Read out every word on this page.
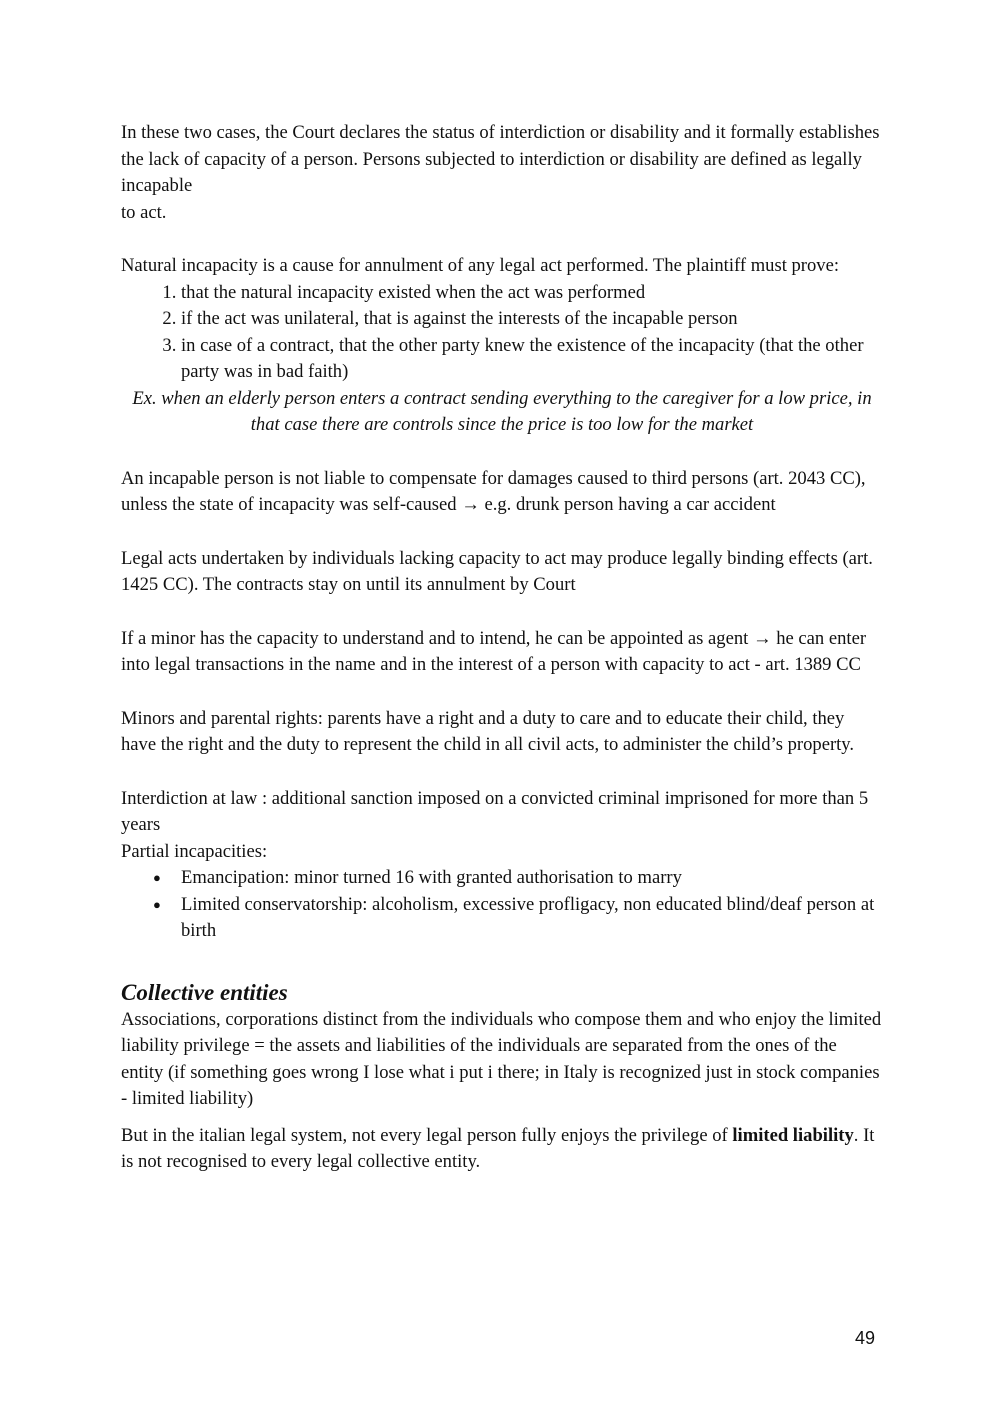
In these two cases, the Court declares the status of interdiction or disability and it formally establishes the lack of capacity of a person. Persons subjected to interdiction or disability are defined as legally incapable

to act.

Natural incapacity is a cause for annulment of any legal act performed. The plaintiff must prove:

1. that the natural incapacity existed when the act was performed
2. if the act was unilateral, that is against the interests of the incapable person
3. in case of a contract, that the other party knew the existence of the incapacity (that the other party was in bad faith)

Ex. when an elderly person enters a contract sending everything to the caregiver for a low price, in that case there are controls since the price is too low for the market

An incapable person is not liable to compensate for damages caused to third persons (art. 2043 CC), unless the state of incapacity was self-caused → e.g. drunk person having a car accident

Legal acts undertaken by individuals lacking capacity to act may produce legally binding effects (art. 1425 CC). The contracts stay on until its annulment by Court

If a minor has the capacity to understand and to intend, he can be appointed as agent → he can enter into legal transactions in the name and in the interest of a person with capacity to act - art. 1389 CC

Minors and parental rights: parents have a right and a duty to care and to educate their child, they have the right and the duty to represent the child in all civil acts, to administer the child’s property.

Interdiction at law : additional sanction imposed on a convicted criminal imprisoned for more than 5 years

Partial incapacities:

● Emancipation: minor turned 16 with granted authorisation to marry
● Limited conservatorship: alcoholism, excessive profligacy, non educated blind/deaf person at birth
Collective entities

Associations, corporations distinct from the individuals who compose them and who enjoy the limited liability privilege = the assets and liabilities of the individuals are separated from the ones of the entity (if something goes wrong I lose what i put i there; in Italy is recognized just in stock companies - limited liability)

But in the italian legal system, not every legal person fully enjoys the privilege of limited liability. It is not recognised to every legal collective entity.

49
